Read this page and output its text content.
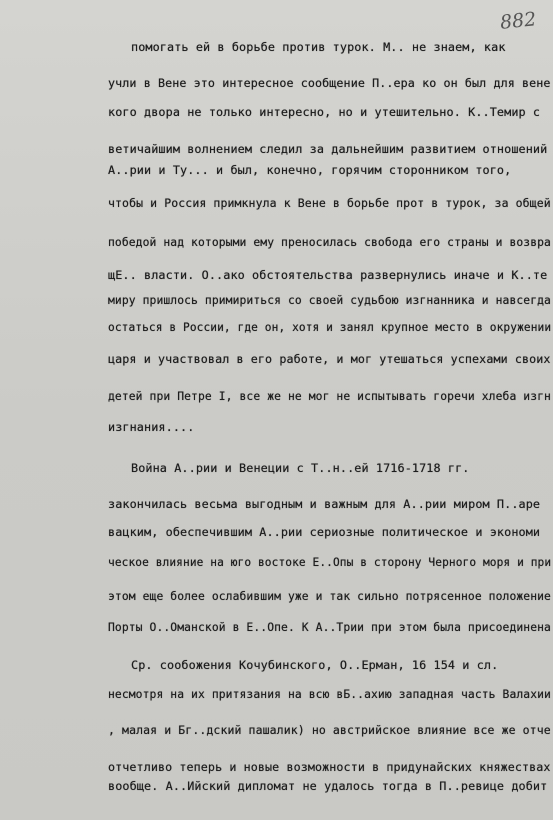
882
помогать ей в борьбе против турок. М.. не знаем, как
учли в Вене это интересное сообщение П..ера ко он был для вене
кого двора не только интересно, но и утешительно. К..Темир с
ветичайшим волнением следил за дальнейшим развитием отношений
А..рии и Ту... и был, конечно, горячим сторонником того,
чтобы и Россия примкнула к Вене в борьбе прот в турок, за общей
победой над которыми ему преносилась свобода его страны и возвра
щЕ.. власти. О..ако обстоятельства развернулись иначе и К..те
миру пришлось примириться со своей судьбою изгнанника и навсегда
остаться в России, где он, хотя и занял крупное место в окружении
царя и участвовал в его работе, и мог утешаться успехами своих
детей при Петре I, все же не мог не испытывать горечи хлеба изгн
изгнания....
Война А..рии и Венеции с Т..н..ей 1716-1718 гг.
закончилась весьма выгодным и важным для А..рии миром П..аре
вацким, обеспечившим А..рии сериозные политическое и экономи
ческое влияние на юго востоке Е..Опы в сторону Черного моря и при
этом еще более ослабившим уже и так сильно потрясенное положение
Порты О..Оманской в Е..Опе. К А..Трии при этом была присоединена
Ср. сообожения Кочубинского, О..Ерман, 16 154 и сл.
несмотря на их притязания на всю вБ..ахию западная часть Валахии
, малая и Бг..дский пашалик) но австрийское влияние все же отче
отчетливо теперь и новые возможности в придунайских княжествах
вообще. А..Ийский дипломат не удалось тогда в П..ревице добит
